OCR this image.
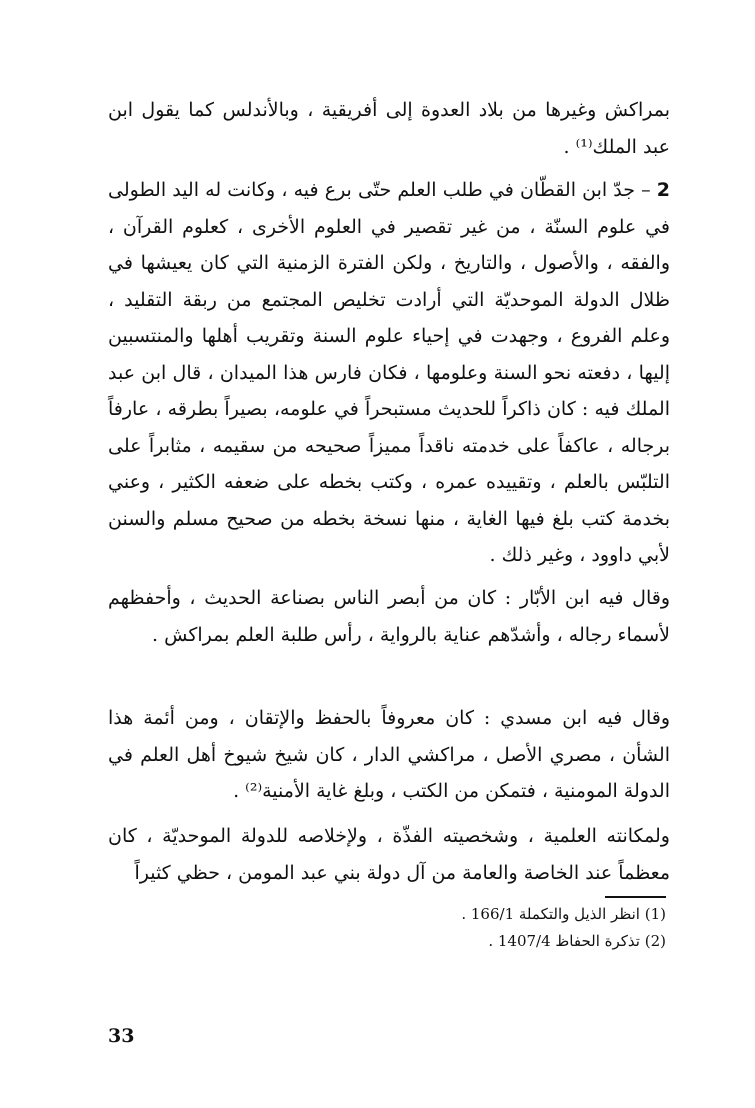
بمراكش وغيرها من بلاد العدوة إلى أفريقية ، وبالأندلس كما يقول ابن عبد الملك⁽¹⁾ .

2 – جدّ ابن القطّان في طلب العلم حتّى برع فيه ، وكانت له اليد الطولى في علوم السنّة ، من غير تقصير في العلوم الأخرى ، كعلوم القرآن ، والفقه ، والأصول ، والتاريخ ، ولكن الفترة الزمنية التي كان يعيشها في ظلال الدولة الموحديّة التي أرادت تخليص المجتمع من ربقة التقليد ، وعلم الفروع ، وجهدت في إحياء علوم السنة وتقريب أهلها والمنتسبين إليها ، دفعته نحو السنة وعلومها ، فكان فارس هذا الميدان ، قال ابن عبد الملك فيه : كان ذاكراً للحديث مستبحراً في علومه، بصيراً بطرقه ، عارفاً برجاله ، عاكفاً على خدمته ناقداً مميزاً صحيحه من سقيمه ، مثابراً على التلبّس بالعلم ، وتقييده عمره ، وكتب بخطه على ضعفه الكثير ، وعني بخدمة كتب بلغ فيها الغاية ، منها نسخة بخطه من صحيح مسلم والسنن لأبي داوود ، وغير ذلك .

وقال فيه ابن الأبّار : كان من أبصر الناس بصناعة الحديث ، وأحفظهم لأسماء رجاله ، وأشدّهم عناية بالرواية ، رأس طلبة العلم بمراكش .

وقال فيه ابن مسدي : كان معروفاً بالحفظ والإتقان ، ومن أئمة هذا الشأن ، مصري الأصل ، مراكشي الدار ، كان شيخ شيوخ أهل العلم في الدولة المومنية ، فتمكن من الكتب ، وبلغ غاية الأمنية⁽²⁾ .

ولمكانته العلمية ، وشخصيته الفذّة ، ولإخلاصه للدولة الموحديّة ، كان معظماً عند الخاصة والعامة من آل دولة بني عبد المومن ، حظي كثيراً

(1) انظر الذيل والتكملة 166/1 .
(2) تذكرة الحفاظ 1407/4 .
33
